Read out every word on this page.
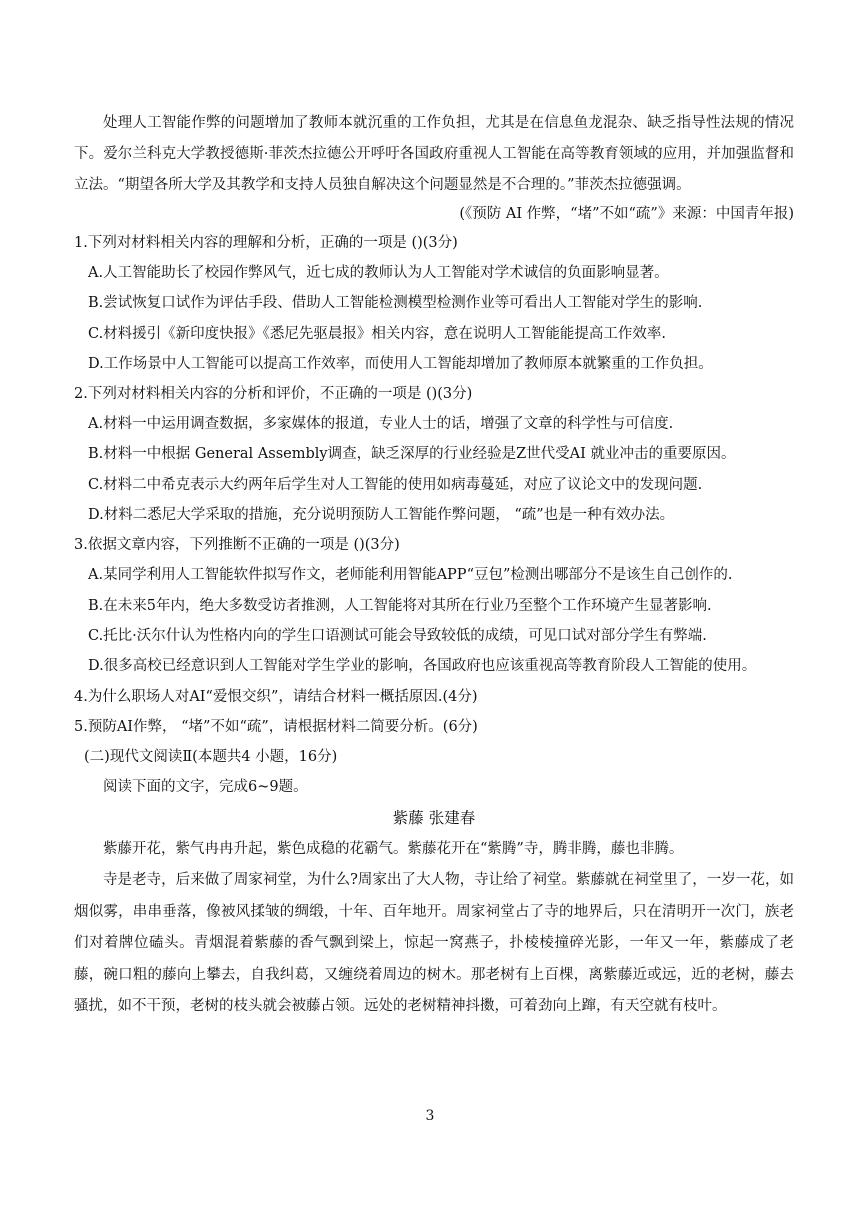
处理人工智能作弊的问题增加了教师本就沉重的工作负担，尤其是在信息鱼龙混杂、缺乏指导性法规的情况下。爱尔兰科克大学教授德斯·菲茨杰拉德公开呼吁各国政府重视人工智能在高等教育领域的应用，并加强监督和立法。“期望各所大学及其教学和支持人员独自解决这个问题显然是不合理的。”菲茨杰拉德强调。

(《预防 AI 作弊，“堵”不如“疏”》来源：中国青年报)

1.下列对材料相关内容的理解和分析，正确的一项是 ()(3分)

A.人工智能助长了校园作弊风气，近七成的教师认为人工智能对学术诚信的负面影响显著。

B.尝试恢复口试作为评估手段、借助人工智能检测模型检测作业等可看出人工智能对学生的影响.

C.材料援引《新印度快报》《悉尼先驱晨报》相关内容，意在说明人工智能能提高工作效率.

D.工作场景中人工智能可以提高工作效率，而使用人工智能却增加了教师原本就繁重的工作负担。

2.下列对材料相关内容的分析和评价，不正确的一项是 ()(3分)

A.材料一中运用调查数据，多家媒体的报道，专业人士的话，增强了文章的科学性与可信度.

B.材料一中根据 General Assembly调查，缺乏深厚的行业经验是Z世代受AI 就业冲击的重要原因。

C.材料二中希克表示大约两年后学生对人工智能的使用如病毒蔓延，对应了议论文中的发现问题.

D.材料二悉尼大学采取的措施，充分说明预防人工智能作弊问题， “疏”也是一种有效办法。

3.依据文章内容，下列推断不正确的一项是 ()(3分)

A.某同学利用人工智能软件拟写作文，老师能利用智能APP“豆包”检测出哪部分不是该生自己创作的.

B.在未来5年内，绝大多数受访者推测，人工智能将对其所在行业乃至整个工作环境产生显著影响.

C.托比·沃尔什认为性格内向的学生口语测试可能会导致较低的成绩，可见口试对部分学生有弊端.

D.很多高校已经意识到人工智能对学生学业的影响，各国政府也应该重视高等教育阶段人工智能的使用。

4.为什么职场人对AI“爱恨交织”，请结合材料一概括原因.(4分)

5.预防AI作弊， “堵”不如“疏”，请根据材料二简要分析。(6分)

(二)现代文阅读Ⅱ(本题共4 小题，16分)

阅读下面的文字，完成6~9题。

紫藤 张建春

紫藤开花，紫气冉冉升起，紫色成稳的花霸气。紫藤花开在“紫腾”寺，腾非腾，藤也非腾。

寺是老寺，后来做了周家祠堂，为什么?周家出了大人物，寺让给了祠堂。紫藤就在祠堂里了，一岁一花，如烟似雾，串串垂落，像被风揉皱的绸缎，十年、百年地开。周家祠堂占了寺的地界后，只在清明开一次门，族老们对着牌位磕头。青烟混着紫藤的香气飘到梁上，惊起一窝燕子，扑棱棱撞碎光影，一年又一年，紫藤成了老藤，碗口粗的藤向上攀去，自我纠葛，又缠绕着周边的树木。那老树有上百棵，离紫藤近或远，近的老树，藤去骚扰，如不干预，老树的枝头就会被藤占领。远处的老树精神抖擞，可着劲向上蹿，有天空就有枝叶。

3
